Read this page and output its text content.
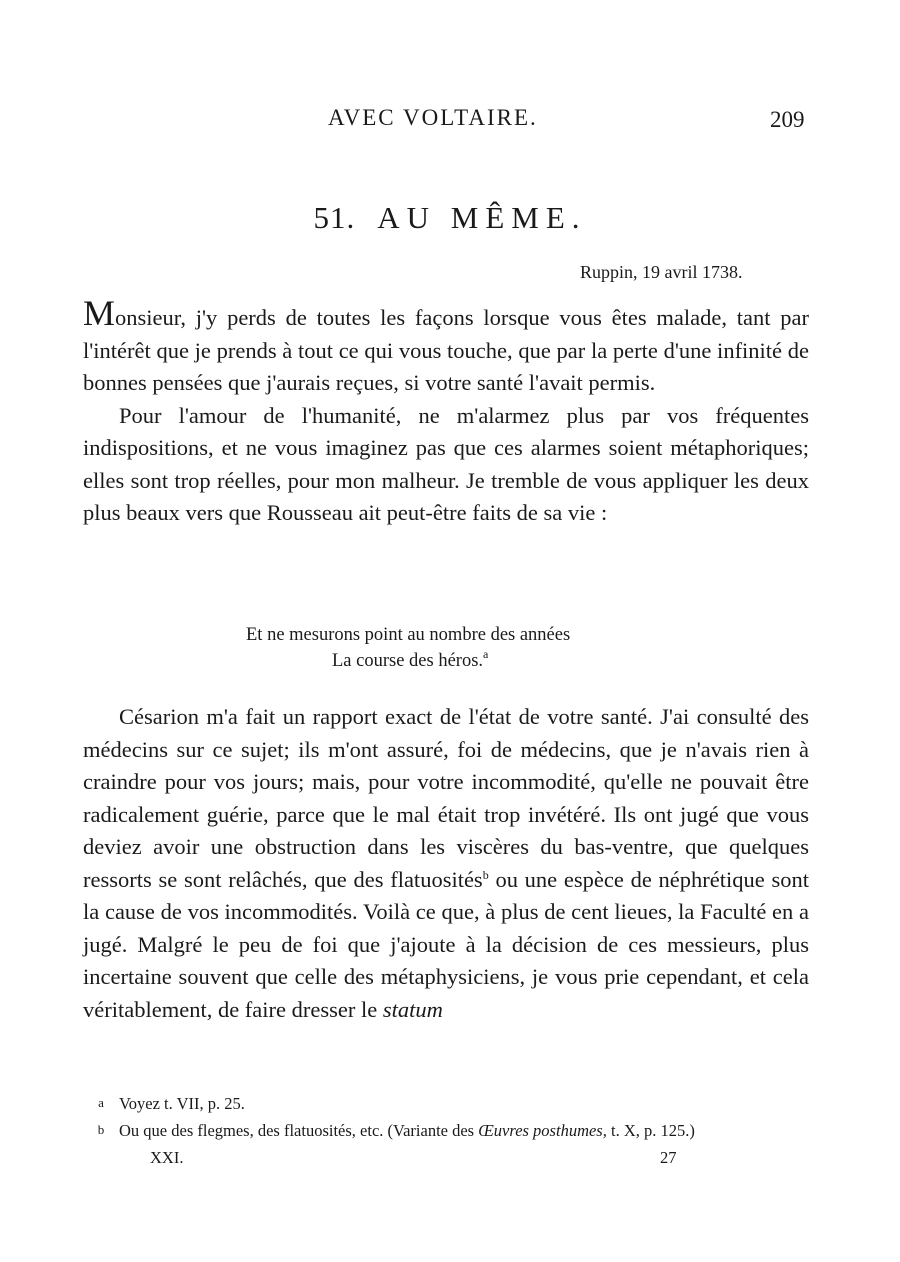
AVEC VOLTAIRE.	209
51. AU MÊME.
Ruppin, 19 avril 1738.

Monsieur, j'y perds de toutes les façons lorsque vous êtes malade, tant par l'intérêt que je prends à tout ce qui vous touche, que par la perte d'une infinité de bonnes pensées que j'aurais reçues, si votre santé l'avait permis.

Pour l'amour de l'humanité, ne m'alarmez plus par vos fréquentes indispositions, et ne vous imaginez pas que ces alarmes soient métaphoriques; elles sont trop réelles, pour mon malheur. Je tremble de vous appliquer les deux plus beaux vers que Rousseau ait peut-être faits de sa vie :

Et ne mesurons point au nombre des années
La course des héros.$^a$

Césarion m'a fait un rapport exact de l'état de votre santé. J'ai consulté des médecins sur ce sujet; ils m'ont assuré, foi de médecins, que je n'avais rien à craindre pour vos jours; mais, pour votre incommodité, qu'elle ne pouvait être radicalement guérie, parce que le mal était trop invétéré. Ils ont jugé que vous deviez avoir une obstruction dans les viscères du bas-ventre, que quelques ressorts se sont relâchés, que des flatuosités$^b$ ou une espèce de néphrétique sont la cause de vos incommodités. Voilà ce que, à plus de cent lieues, la Faculté en a jugé. Malgré le peu de foi que j'ajoute à la décision de ces messieurs, plus incertaine souvent que celle des métaphysiciens, je vous prie cependant, et cela véritablement, de faire dresser le statum

a Voyez t. VII, p. 25.

b Ou que des flegmes, des flatuosités, etc. (Variante des Œuvres posthumes, t. X, p. 125.)

XXI.	27
